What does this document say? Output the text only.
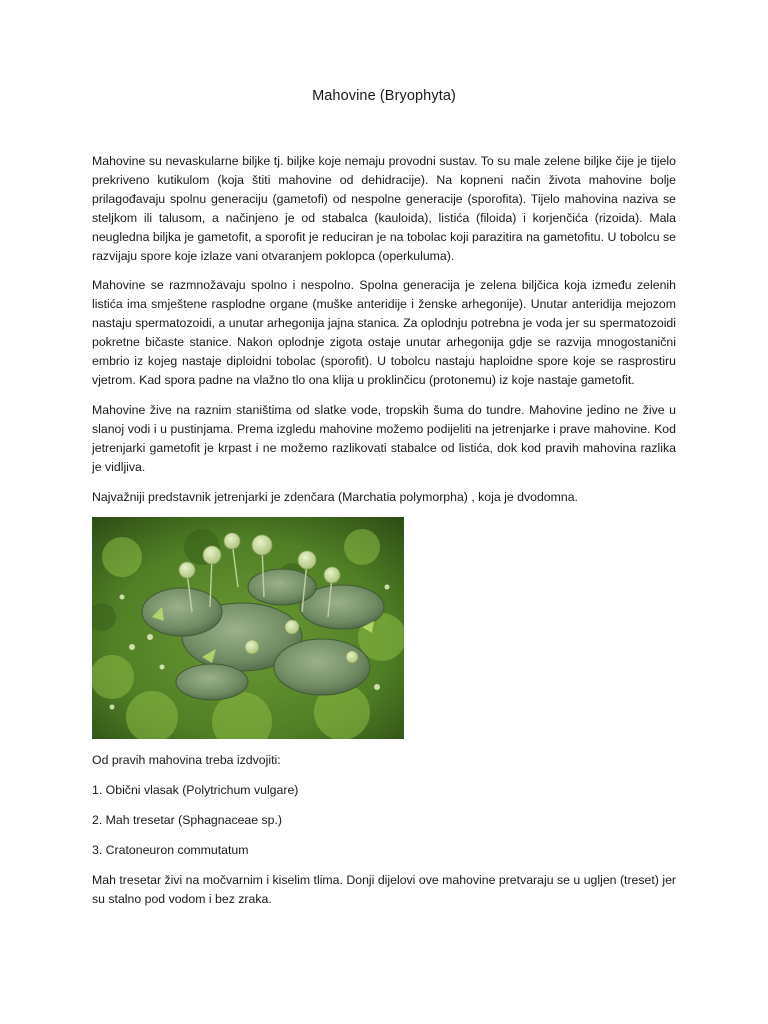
Mahovine (Bryophyta)

Mahovine su nevaskularne biljke tj. biljke koje nemaju provodni sustav. To su male zelene biljke čije je tijelo prekriveno kutikulom (koja štiti mahovine od dehidracije). Na kopneni način života mahovine bolje prilagođavaju spolnu generaciju (gametofi) od nespolne generacije (sporofita). Tijelo mahovina naziva se steljkom ili talusom, a načinjeno je od stabalca (kauloida), listića (filoida) i korjenčića (rizoida). Mala neugledna biljka je gametofit, a sporofit je reduciran je na tobolac koji parazitira na gametofitu. U tobolcu se razvijaju spore koje izlaze vani otvaranjem poklopca (operkuluma).

Mahovine se razmnožavaju spolno i nespolno. Spolna generacija je zelena biljčica koja između zelenih listića ima smještene rasplodne organe (muške anteridije i ženske arhegonije). Unutar anteridija mejozom nastaju spermatozoidi, a unutar arhegonija jajna stanica. Za oplodnju potrebna je voda jer su spermatozoidi pokretne bičaste stanice. Nakon oplodnje zigota ostaje unutar arhegonija gdje se razvija mnogostanični embrio iz kojeg nastaje diploidni tobolac (sporofit). U tobolcu nastaju haploidne spore koje se rasprostiru vjetrom. Kad spora padne na vlažno tlo ona klija u proklinčicu (protonemu) iz koje nastaje gametofit.

Mahovine žive na raznim staništima od slatke vode, tropskih šuma do tundre. Mahovine jedino ne žive u slanoj vodi i u pustinjama. Prema izgledu mahovine možemo podijeliti na jetrenjarke i prave mahovine. Kod jetrenjarki gametofit je krpast i ne možemo razlikovati stabalce od listića, dok kod pravih mahovina razlika je vidljiva.

Najvažniji predstavnik jetrenjarki je zdenčara (Marchatia polymorpha) , koja je dvodomna.

Od pravih mahovina treba izdvojiti:

1. Obični vlasak (Polytrichum vulgare)

2. Mah tresetar (Sphagnaceae sp.)

3. Cratoneuron commutatum

Mah tresetar živi na močvarnim i kiselim tlima. Donji dijelovi ove mahovine pretvaraju se u ugljen (treset) jer su stalno pod vodom i bez zraka.
